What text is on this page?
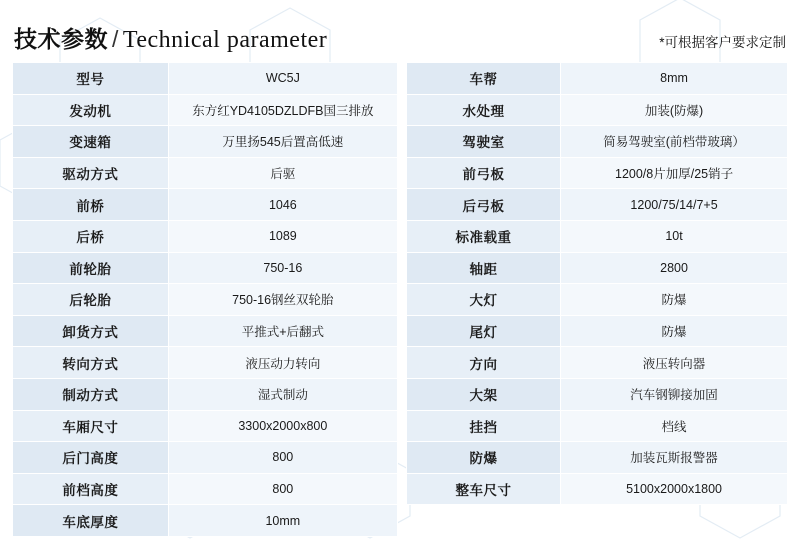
技术参数 / Technical parameter	*可根据客户要求定制
型号	WC5J
发动机	东方红YD4105DZLDFB国三排放
变速箱	万里扬545后置高低速
驱动方式	后驱
前桥	1046
后桥	1089
前轮胎	750-16
后轮胎	750-16钢丝双轮胎
卸货方式	平推式+后翻式
转向方式	液压动力转向
制动方式	湿式制动
车厢尺寸	3300x2000x800
后门高度	800
前档高度	800
车底厚度	10mm
车帮	8mm
水处理	加装(防爆)
驾驶室	简易驾驶室(前档带玻璃）
前弓板	1200/8片加厚/25销子
后弓板	1200/75/14/7+5
标准载重	10t
轴距	2800
大灯	防爆
尾灯	防爆
方向	液压转向器
大架	汽车钢铆接加固
挂挡	档线
防爆	加装瓦斯报警器
整车尺寸	5100x2000x1800
